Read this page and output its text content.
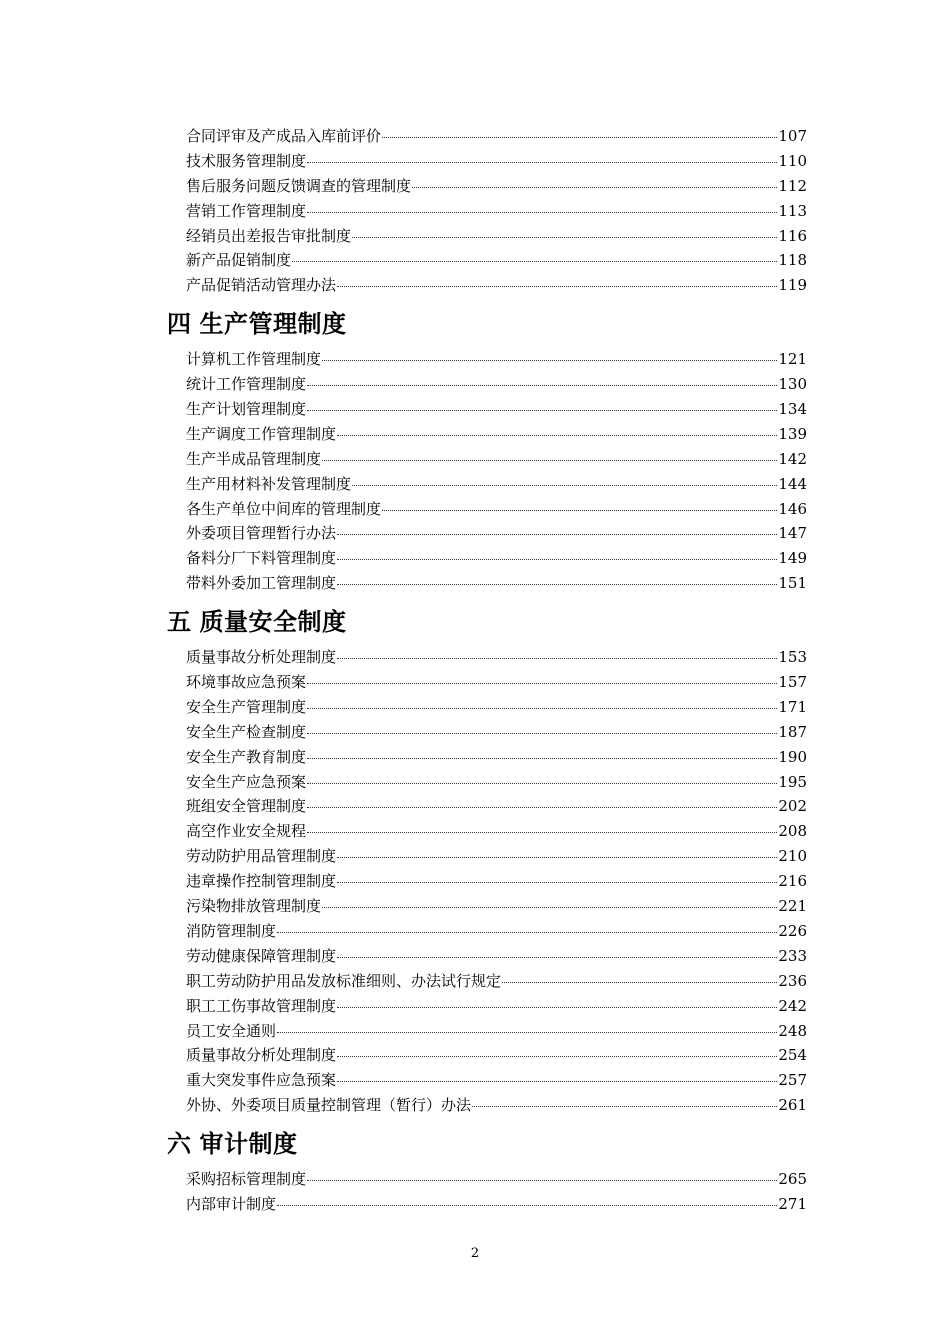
合同评审及产成品入库前评价	107
技术服务管理制度	110
售后服务问题反馈调查的管理制度	112
营销工作管理制度	113
经销员出差报告审批制度	116
新产品促销制度	118
产品促销活动管理办法	119
四 生产管理制度
计算机工作管理制度	121
统计工作管理制度	130
生产计划管理制度	134
生产调度工作管理制度	139
生产半成品管理制度	142
生产用材料补发管理制度	144
各生产单位中间库的管理制度	146
外委项目管理暂行办法	147
备料分厂下料管理制度	149
带料外委加工管理制度	151
五 质量安全制度
质量事故分析处理制度	153
环境事故应急预案	157
安全生产管理制度	171
安全生产检查制度	187
安全生产教育制度	190
安全生产应急预案	195
班组安全管理制度	202
高空作业安全规程	208
劳动防护用品管理制度	210
违章操作控制管理制度	216
污染物排放管理制度	221
消防管理制度	226
劳动健康保障管理制度	233
职工劳动防护用品发放标准细则、办法试行规定	236
职工工伤事故管理制度	242
员工安全通则	248
质量事故分析处理制度	254
重大突发事件应急预案	257
外协、外委项目质量控制管理（暂行）办法	261
六 审计制度
采购招标管理制度	265
内部审计制度	271
2
